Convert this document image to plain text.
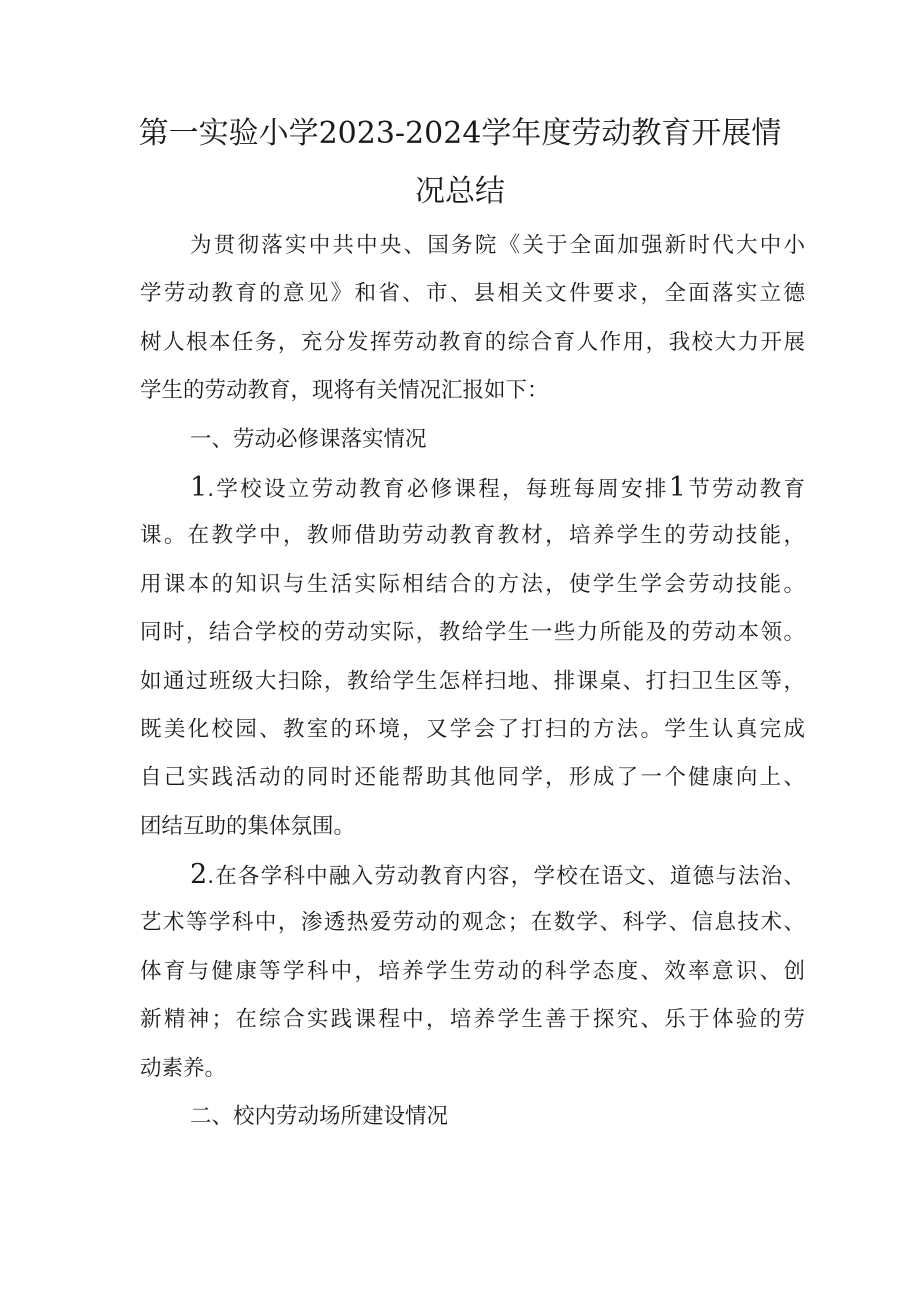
第一实验小学2023-2024学年度劳动教育开展情
况总结
为贯彻落实中共中央、国务院《关于全面加强新时代大中小
学劳动教育的意见》和省、市、县相关文件要求，全面落实立德
树人根本任务，充分发挥劳动教育的综合育人作用，我校大力开展
学生的劳动教育，现将有关情况汇报如下：
一、劳动必修课落实情况
1.学校设立劳动教育必修课程，每班每周安排1节劳动教育
课。在教学中，教师借助劳动教育教材，培养学生的劳动技能，
用课本的知识与生活实际相结合的方法，使学生学会劳动技能。
同时，结合学校的劳动实际，教给学生一些力所能及的劳动本领。
如通过班级大扫除，教给学生怎样扫地、排课桌、打扫卫生区等，
既美化校园、教室的环境，又学会了打扫的方法。学生认真完成
自己实践活动的同时还能帮助其他同学，形成了一个健康向上、
团结互助的集体氛围。
2.在各学科中融入劳动教育内容，学校在语文、道德与法治、
艺术等学科中，渗透热爱劳动的观念；在数学、科学、信息技术、
体育与健康等学科中，培养学生劳动的科学态度、效率意识、创
新精神；在综合实践课程中，培养学生善于探究、乐于体验的劳
动素养。
二、校内劳动场所建设情况
